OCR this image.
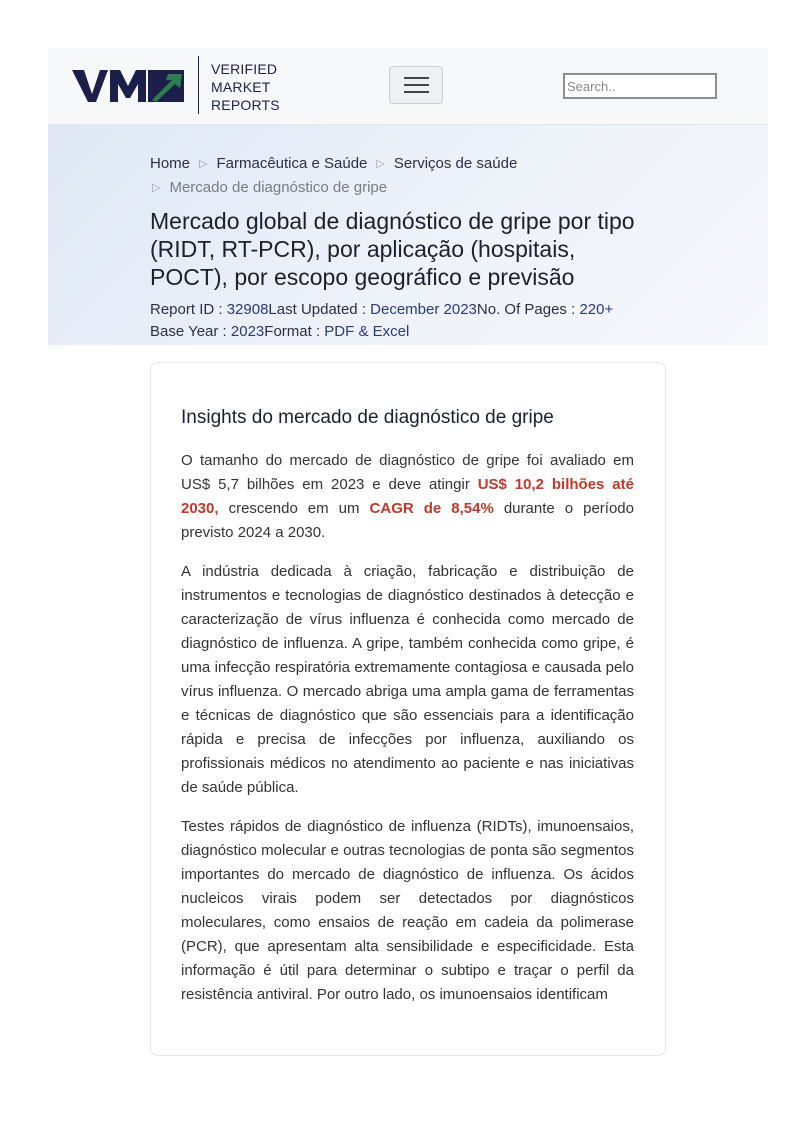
VERIFIED
MARKET
REPORTS
Search..
Home ▷ Farmacêutica e Saúde ▷ Serviços de saúde
▷ Mercado de diagnóstico de gripe
Mercado global de diagnóstico de gripe por tipo (RIDT, RT-PCR), por aplicação (hospitais, POCT), por escopo geográfico e previsão
Report ID : 32908Last Updated : December 2023No. Of Pages : 220+
Base Year : 2023Format : PDF & Excel
Insights do mercado de diagnóstico de gripe

O tamanho do mercado de diagnóstico de gripe foi avaliado em US$ 5,7 bilhões em 2023 e deve atingir US$ 10,2 bilhões até 2030, crescendo em um CAGR de 8,54% durante o período previsto 2024 a 2030.

A indústria dedicada à criação, fabricação e distribuição de instrumentos e tecnologias de diagnóstico destinados à detecção e caracterização de vírus influenza é conhecida como mercado de diagnóstico de influenza. A gripe, também conhecida como gripe, é uma infecção respiratória extremamente contagiosa e causada pelo vírus influenza. O mercado abriga uma ampla gama de ferramentas e técnicas de diagnóstico que são essenciais para a identificação rápida e precisa de infecções por influenza, auxiliando os profissionais médicos no atendimento ao paciente e nas iniciativas de saúde pública.

Testes rápidos de diagnóstico de influenza (RIDTs), imunoensaios, diagnóstico molecular e outras tecnologias de ponta são segmentos importantes do mercado de diagnóstico de influenza. Os ácidos nucleicos virais podem ser detectados por diagnósticos moleculares, como ensaios de reação em cadeia da polimerase (PCR), que apresentam alta sensibilidade e especificidade. Esta informação é útil para determinar o subtipo e traçar o perfil da resistência antiviral. Por outro lado, os imunoensaios identificam
